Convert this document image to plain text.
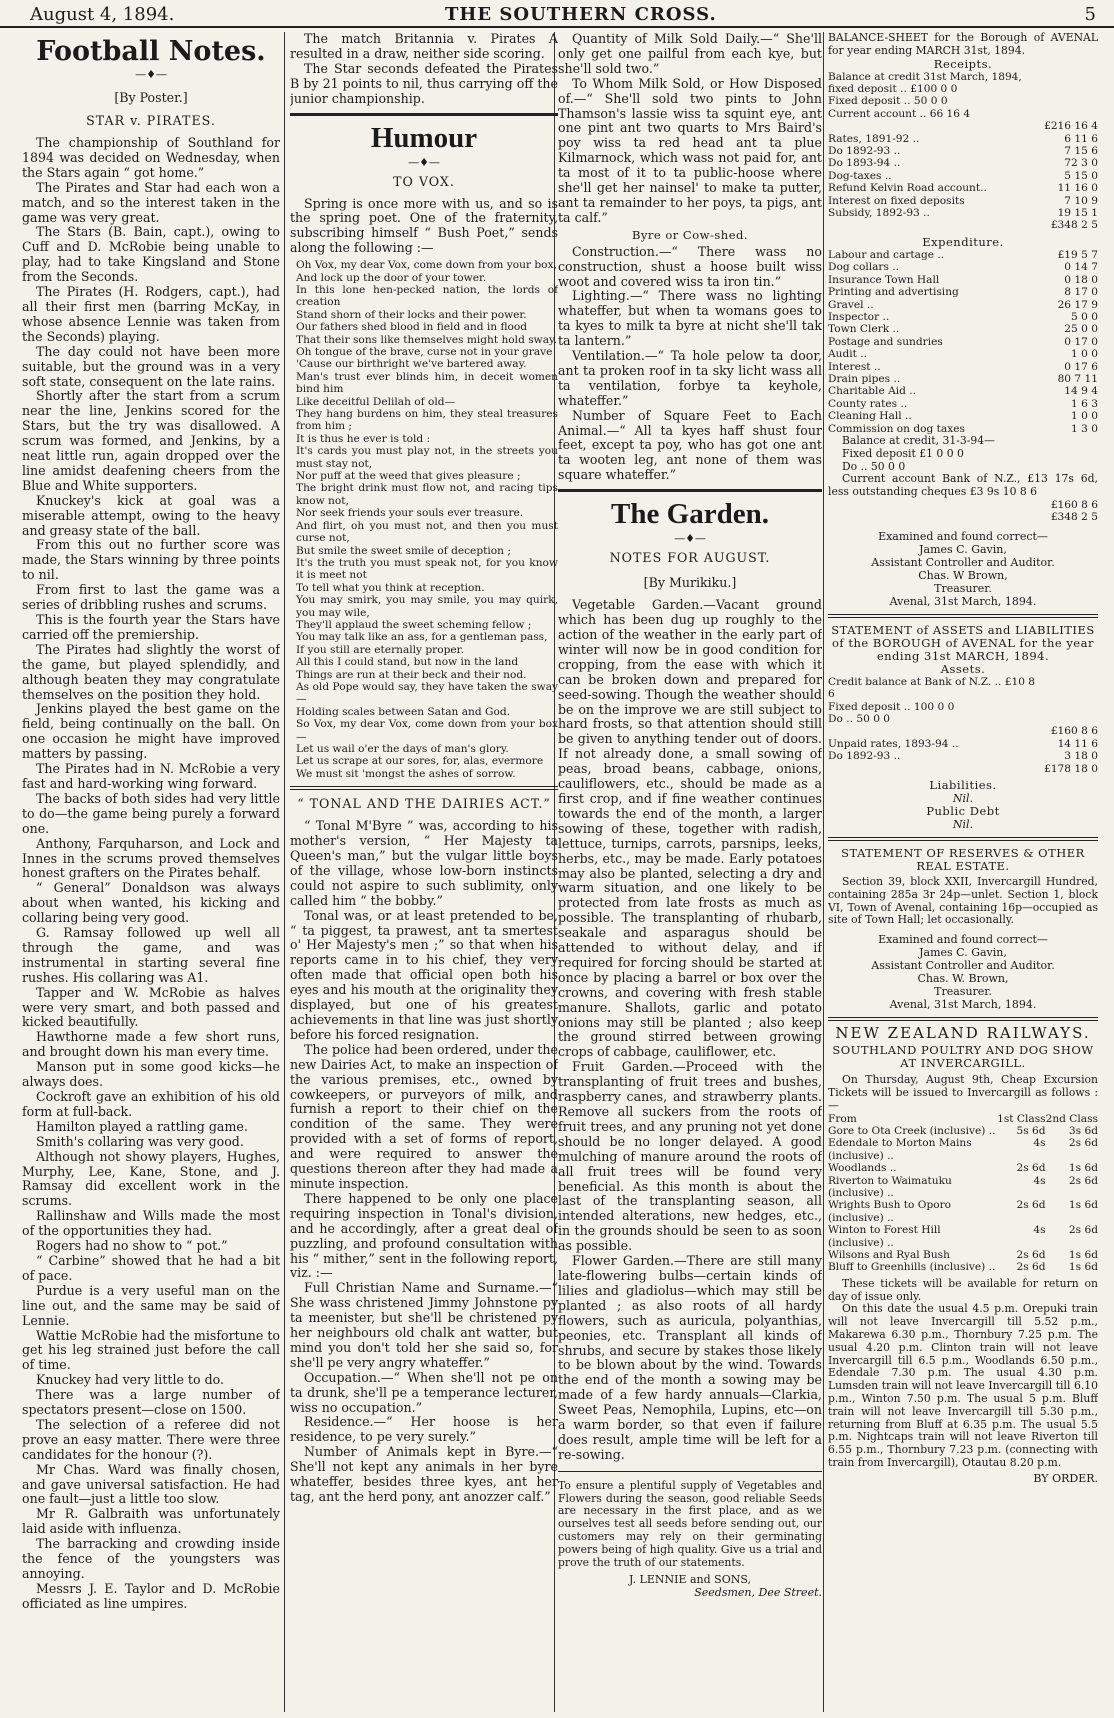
August 4, 1894.	THE SOUTHERN CROSS.	5
Football Notes.
—♦—
[By Poster.]
STAR v. PIRATES.

The championship of Southland for 1894 was decided on Wednesday, when the Stars again “ got home.”

The Pirates and Star had each won a match, and so the interest taken in the game was very great.

The Stars (B. Bain, capt.), owing to Cuff and D. McRobie being unable to play, had to take Kingsland and Stone from the Seconds.

The Pirates (H. Rodgers, capt.), had all their first men (barring McKay, in whose absence Lennie was taken from the Seconds) playing.

The day could not have been more suitable, but the ground was in a very soft state, consequent on the late rains.

Shortly after the start from a scrum near the line, Jenkins scored for the Stars, but the try was disallowed. A scrum was formed, and Jenkins, by a neat little run, again dropped over the line amidst deafening cheers from the Blue and White supporters.

Knuckey's kick at goal was a miserable attempt, owing to the heavy and greasy state of the ball.

From this out no further score was made, the Stars winning by three points to nil.

From first to last the game was a series of dribbling rushes and scrums.

This is the fourth year the Stars have carried off the premiership.

The Pirates had slightly the worst of the game, but played splendidly, and although beaten they may congratulate themselves on the position they hold.

Jenkins played the best game on the field, being continually on the ball. On one occasion he might have improved matters by passing.

The Pirates had in N. McRobie a very fast and hard-working wing forward.

The backs of both sides had very little to do—the game being purely a forward one.

Anthony, Farquharson, and Lock and Innes in the scrums proved themselves honest grafters on the Pirates behalf.

“ General” Donaldson was always about when wanted, his kicking and collaring being very good.

G. Ramsay followed up well all through the game, and was instrumental in starting several fine rushes. His collaring was A1.

Tapper and W. McRobie as halves were very smart, and both passed and kicked beautifully.

Hawthorne made a few short runs, and brought down his man every time.

Manson put in some good kicks—he always does.

Cockroft gave an exhibition of his old form at full-back.

Hamilton played a rattling game.

Smith's collaring was very good.

Although not showy players, Hughes, Murphy, Lee, Kane, Stone, and J. Ramsay did excellent work in the scrums.

Rallinshaw and Wills made the most of the opportunities they had.

Rogers had no show to “ pot.”

“ Carbine” showed that he had a bit of pace.

Purdue is a very useful man on the line out, and the same may be said of Lennie.

Wattie McRobie had the misfortune to get his leg strained just before the call of time.

Knuckey had very little to do.

There was a large number of spectators present—close on 1500.

The selection of a referee did not prove an easy matter. There were three candidates for the honour (?).

Mr Chas. Ward was finally chosen, and gave universal satisfaction. He had one fault—just a little too slow.

Mr R. Galbraith was unfortunately laid aside with influenza.

The barracking and crowding inside the fence of the youngsters was annoying.

Messrs J. E. Taylor and D. McRobie officiated as line umpires.

The match Britannia v. Pirates A resulted in a draw, neither side scoring.

The Star seconds defeated the Pirates B by 21 points to nil, thus carrying off the junior championship.

Humour
—♦—
TO VOX.

Spring is once more with us, and so is the spring poet. One of the fraternity, subscribing himself “ Bush Poet,” sends along the following :—

Oh Vox, my dear Vox, come down from your box,

And lock up the door of your tower.

In this lone hen-pecked nation, the lords of creation

Stand shorn of their locks and their power.

Our fathers shed blood in field and in flood

That their sons like themselves might hold sway.

Oh tongue of the brave, curse not in your grave

'Cause our birthright we've bartered away.

Man's trust ever blinds him, in deceit women bind him

Like deceitful Delilah of old—

They hang burdens on him, they steal treasures from him ;

It is thus he ever is told :

It's cards you must play not, in the streets you must stay not,

Nor puff at the weed that gives pleasure ;

The bright drink must flow not, and racing tips know not,

Nor seek friends your souls ever treasure.

And flirt, oh you must not, and then you must curse not,

But smile the sweet smile of deception ;

It's the truth you must speak not, for you know it is meet not

To tell what you think at reception.

You may smirk, you may smile, you may quirk, you may wile,

They'll applaud the sweet scheming fellow ;

You may talk like an ass, for a gentleman pass,

If you still are eternally proper.

All this I could stand, but now in the land

Things are run at their beck and their nod.

As old Pope would say, they have taken the sway—

Holding scales between Satan and God.

So Vox, my dear Vox, come down from your box—

Let us wail o'er the days of man's glory.

Let us scrape at our sores, for, alas, evermore

We must sit 'mongst the ashes of sorrow.

“ TONAL AND THE DAIRIES ACT.”

“ Tonal M'Byre ” was, according to his mother's version, “ Her Majesty ta Queen's man,” but the vulgar little boys of the village, whose low-born instincts could not aspire to such sublimity, only called him “ the bobby.”

Tonal was, or at least pretended to be, “ ta piggest, ta prawest, ant ta smertest o' Her Majesty's men ;” so that when his reports came in to his chief, they very often made that official open both his eyes and his mouth at the originality they displayed, but one of his greatest achievements in that line was just shortly before his forced resignation.

The police had been ordered, under the new Dairies Act, to make an inspection of the various premises, etc., owned by cowkeepers, or purveyors of milk, and furnish a report to their chief on the condition of the same. They were provided with a set of forms of report, and were required to answer the questions thereon after they had made a minute inspection.

There happened to be only one place requiring inspection in Tonal's division, and he accordingly, after a great deal of puzzling, and profound consultation with his “ mither,” sent in the following report, viz. :—

Full Christian Name and Surname.—“ She wass christened Jimmy Johnstone py ta meenister, but she'll be christened py her neighbours old chalk ant watter, but mind you don't told her she said so, for she'll pe very angry whateffer.”

Occupation.—“ When she'll not pe on ta drunk, she'll pe a temperance lecturer, wiss no occupation.”

Residence.—“ Her hoose is her residence, to pe very surely.”

Number of Animals kept in Byre.—“ She'll not kept any animals in her byre whateffer, besides three kyes, ant her tag, ant the herd pony, ant anozzer calf.”

Quantity of Milk Sold Daily.—“ She'll only get one pailful from each kye, but she'll sold two.”

To Whom Milk Sold, or How Disposed of.—“ She'll sold two pints to John Thamson's lassie wiss ta squint eye, ant one pint ant two quarts to Mrs Baird's poy wiss ta red head ant ta plue Kilmarnock, which wass not paid for, ant ta most of it to ta public-hoose where she'll get her nainsel' to make ta putter, ant ta remainder to her poys, ta pigs, ant ta calf.”

Byre or Cow-shed.

Construction.—“ There wass no construction, shust a hoose built wiss woot and covered wiss ta iron tin.”

Lighting.—“ There wass no lighting whateffer, but when ta womans goes to ta kyes to milk ta byre at nicht she'll tak ta lantern.”

Ventilation.—“ Ta hole pelow ta door, ant ta proken roof in ta sky licht wass all ta ventilation, forbye ta keyhole, whateffer.”

Number of Square Feet to Each Animal.—“ All ta kyes haff shust four feet, except ta poy, who has got one ant ta wooten leg, ant none of them was square whateffer.”

The Garden.
—♦—
NOTES FOR AUGUST.
[By Murikiku.]

Vegetable Garden.—Vacant ground which has been dug up roughly to the action of the weather in the early part of winter will now be in good condition for cropping, from the ease with which it can be broken down and prepared for seed-sowing. Though the weather should be on the improve we are still subject to hard frosts, so that attention should still be given to anything tender out of doors. If not already done, a small sowing of peas, broad beans, cabbage, onions, cauliflowers, etc., should be made as a first crop, and if fine weather continues towards the end of the month, a larger sowing of these, together with radish, lettuce, turnips, carrots, parsnips, leeks, herbs, etc., may be made. Early potatoes may also be planted, selecting a dry and warm situation, and one likely to be protected from late frosts as much as possible. The transplanting of rhubarb, seakale and asparagus should be attended to without delay, and if required for forcing should be started at once by placing a barrel or box over the crowns, and covering with fresh stable manure. Shallots, garlic and potato onions may still be planted ; also keep the ground stirred between growing crops of cabbage, cauliflower, etc.

Fruit Garden.—Proceed with the transplanting of fruit trees and bushes, raspberry canes, and strawberry plants. Remove all suckers from the roots of fruit trees, and any pruning not yet done should be no longer delayed. A good mulching of manure around the roots of all fruit trees will be found very beneficial. As this month is about the last of the transplanting season, all intended alterations, new hedges, etc., in the grounds should be seen to as soon as possible.

Flower Garden.—There are still many late-flowering bulbs—certain kinds of lilies and gladiolus—which may still be planted ; as also roots of all hardy flowers, such as auricula, polyanthias, peonies, etc. Transplant all kinds of shrubs, and secure by stakes those likely to be blown about by the wind. Towards the end of the month a sowing may be made of a few hardy annuals—Clarkia, Sweet Peas, Nemophila, Lupins, etc—on a warm border, so that even if failure does result, ample time will be left for a re-sowing.

To ensure a plentiful supply of Vegetables and Flowers during the season, good reliable Seeds are necessary in the first place, and as we ourselves test all seeds before sending out, our customers may rely on their germinating powers being of high quality. Give us a trial and prove the truth of our statements.

J. LENNIE and SONS,

Seedsmen, Dee Street.

BALANCE-SHEET for the Borough of AVENAL for year ending MARCH 31st, 1894.

Receipts.

Balance at credit 31st March, 1894, fixed deposit .. £100 0 0	
Fixed deposit .. 50 0 0	
Current account .. 66 16 4	
	£216 16 4
Rates, 1891-92 ..	6 11 6
Do 1892-93 ..	7 15 6
Do 1893-94 ..	72 3 0
Dog-taxes ..	5 15 0
Refund Kelvin Road account..	11 16 0
Interest on fixed deposits	7 10 9
Subsidy, 1892-93 ..	19 15 1
	£348 2 5

Expenditure.

Labour and cartage ..	£19 5 7
Dog collars ..	0 14 7
Insurance Town Hall	0 18 0
Printing and advertising	8 17 0
Gravel ..	26 17 9
Inspector ..	5 0 0
Town Clerk ..	25 0 0
Postage and sundries	0 17 0
Audit ..	1 0 0
Interest ..	0 17 6
Drain pipes ..	80 7 11
Charitable Aid ..	14 9 4
County rates ..	1 6 3
Cleaning Hall ..	1 0 0
Commission on dog taxes	1 3 0

Balance at credit, 31-3-94—

Fixed deposit £1 0 0 0

Do .. 50 0 0

Current account Bank of N.Z., £13 17s 6d, less outstanding cheques £3 9s 10 8 6

	£160 8 6
	£348 2 5

Examined and found correct—

James C. Gavin,

Assistant Controller and Auditor.

Chas. W Brown,

Treasurer.

Avenal, 31st March, 1894.

STATEMENT of ASSETS and LIABILITIES of the BOROUGH of AVENAL for the year ending 31st MARCH, 1894.

Assets.

Credit balance at Bank of N.Z. .. £10 8 6	
Fixed deposit .. 100 0 0	
Do .. 50 0 0	
	£160 8 6
Unpaid rates, 1893-94 ..	14 11 6
Do 1892-93 ..	3 18 0
	£178 18 0

Liabilities.

Nil.

Public Debt

Nil.

STATEMENT OF RESERVES & OTHER REAL ESTATE.

Section 39, block XXII, Invercargill Hundred, containing 285a 3r 24p—unlet. Section 1, block VI, Town of Avenal, containing 16p—occupied as site of Town Hall; let occasionally.

Examined and found correct—

James C. Gavin,

Assistant Controller and Auditor.

Chas. W. Brown,

Treasurer.

Avenal, 31st March, 1894.

NEW ZEALAND RAILWAYS.

SOUTHLAND POULTRY AND DOG SHOW AT INVERCARGILL.

On Thursday, August 9th, Cheap Excursion Tickets will be issued to Invercargill as follows :—

From	1st Class	2nd Class
Gore to Ota Creek (inclusive) ..	5s 6d	3s 6d
Edendale to Morton Mains (inclusive) ..	4s	2s 6d
Woodlands ..	2s 6d	1s 6d
Riverton to Waimatuku (inclusive) ..	4s	2s 6d
Wrights Bush to Oporo (inclusive) ..	2s 6d	1s 6d
Winton to Forest Hill (inclusive) ..	4s	2s 6d
Wilsons and Ryal Bush	2s 6d	1s 6d
Bluff to Greenhills (inclusive) ..	2s 6d	1s 6d

These tickets will be available for return on day of issue only.

On this date the usual 4.5 p.m. Orepuki train will not leave Invercargill till 5.52 p.m., Makarewa 6.30 p.m., Thornbury 7.25 p.m. The usual 4.20 p.m. Clinton train will not leave Invercargill till 6.5 p.m., Woodlands 6.50 p.m., Edendale 7.30 p.m. The usual 4.30 p.m. Lumsden train will not leave Invercargill till 6.10 p.m., Winton 7.50 p.m. The usual 5 p.m. Bluff train will not leave Invercargill till 5.30 p.m., returning from Bluff at 6.35 p.m. The usual 5.5 p.m. Nightcaps train will not leave Riverton till 6.55 p.m., Thornbury 7.23 p.m. (connecting with train from Invercargill), Otautau 8.20 p.m.

BY ORDER.
